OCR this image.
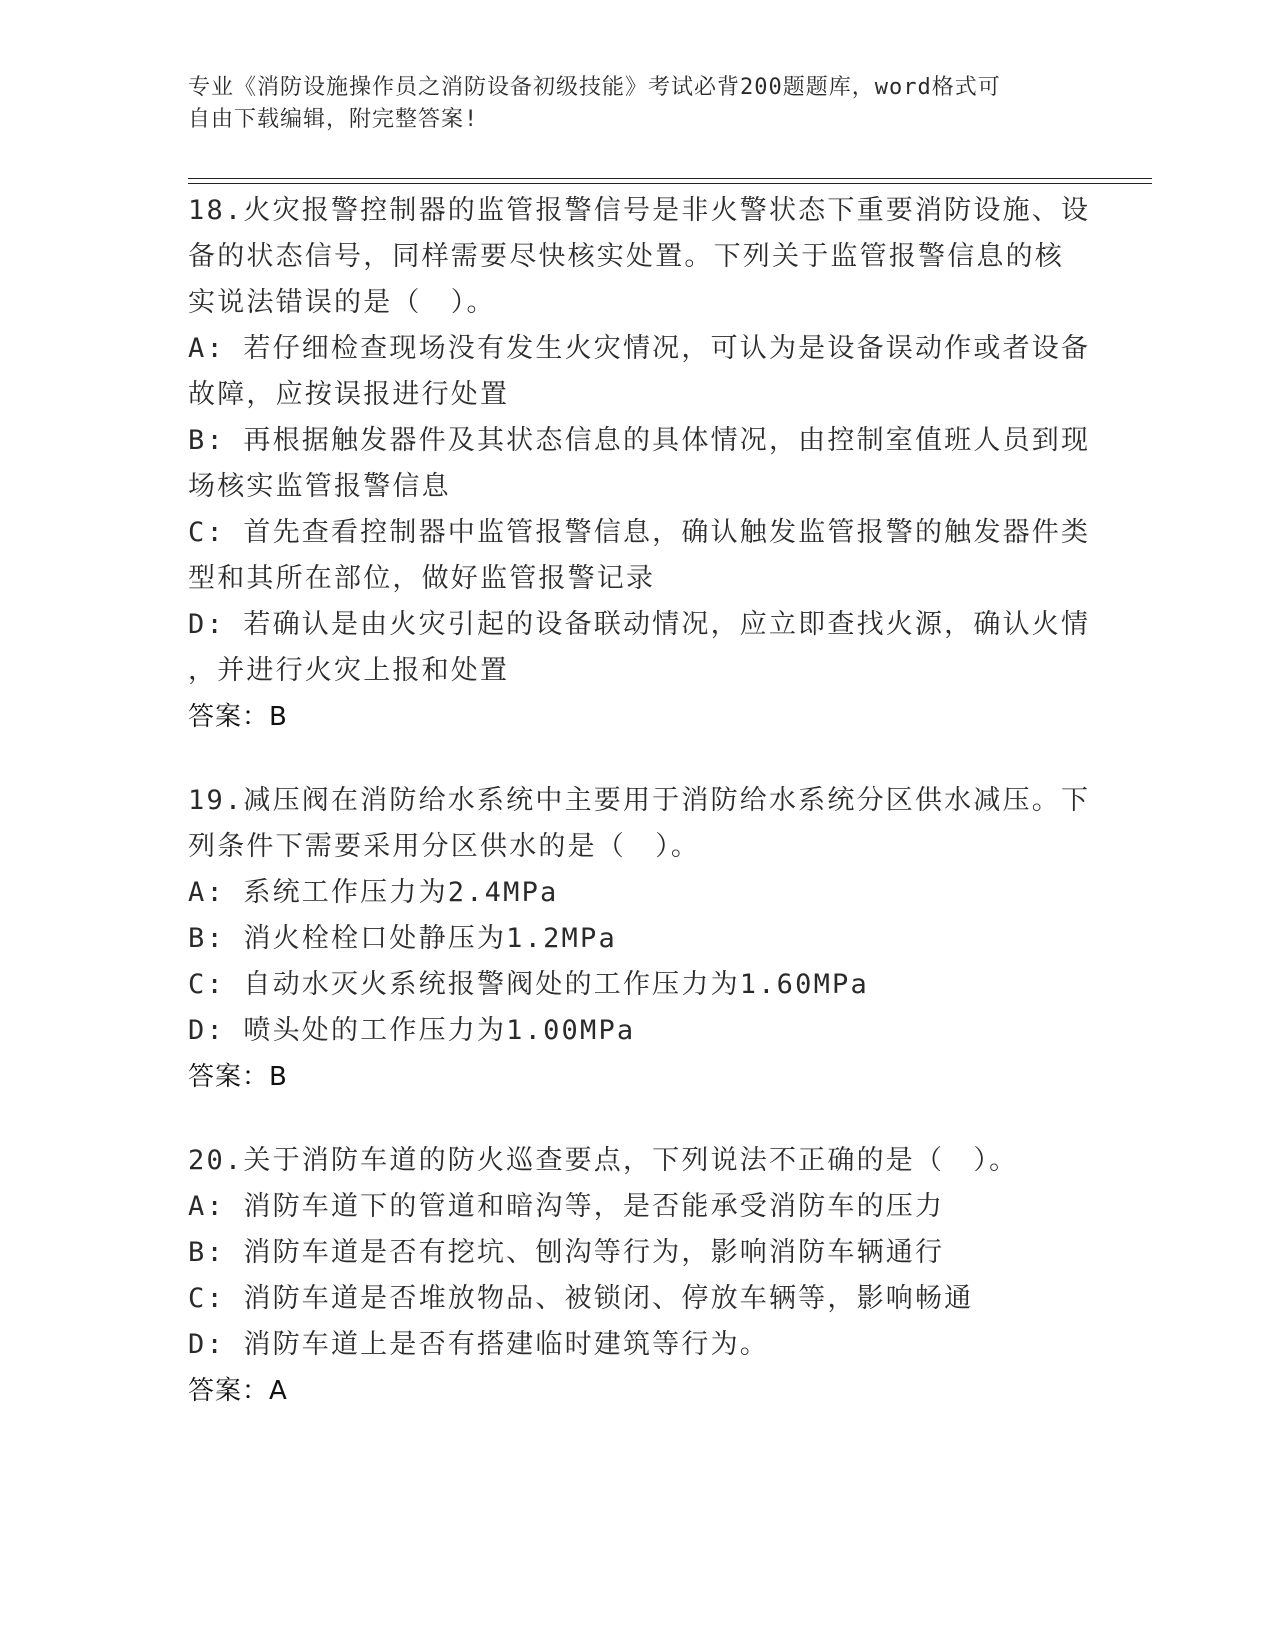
专业《消防设施操作员之消防设备初级技能》考试必背200题题库，word格式可
自由下载编辑，附完整答案!
18.火灾报警控制器的监管报警信号是非火警状态下重要消防设施、设
备的状态信号，同样需要尽快核实处置。下列关于监管报警信息的核
实说法错误的是（　）。
A: 若仔细检查现场没有发生火灾情况，可认为是设备误动作或者设备
故障，应按误报进行处置
B: 再根据触发器件及其状态信息的具体情况，由控制室值班人员到现
场核实监管报警信息
C: 首先查看控制器中监管报警信息，确认触发监管报警的触发器件类
型和其所在部位，做好监管报警记录
D: 若确认是由火灾引起的设备联动情况，应立即查找火源，确认火情
，并进行火灾上报和处置
答案：B
19.减压阀在消防给水系统中主要用于消防给水系统分区供水减压。下
列条件下需要采用分区供水的是（　）。
A: 系统工作压力为2.4MPa
B: 消火栓栓口处静压为1.2MPa
C: 自动水灭火系统报警阀处的工作压力为1.60MPa
D: 喷头处的工作压力为1.00MPa
答案：B
20.关于消防车道的防火巡查要点，下列说法不正确的是（　）。
A: 消防车道下的管道和暗沟等，是否能承受消防车的压力
B: 消防车道是否有挖坑、刨沟等行为，影响消防车辆通行
C: 消防车道是否堆放物品、被锁闭、停放车辆等，影响畅通
D: 消防车道上是否有搭建临时建筑等行为。
答案：A
